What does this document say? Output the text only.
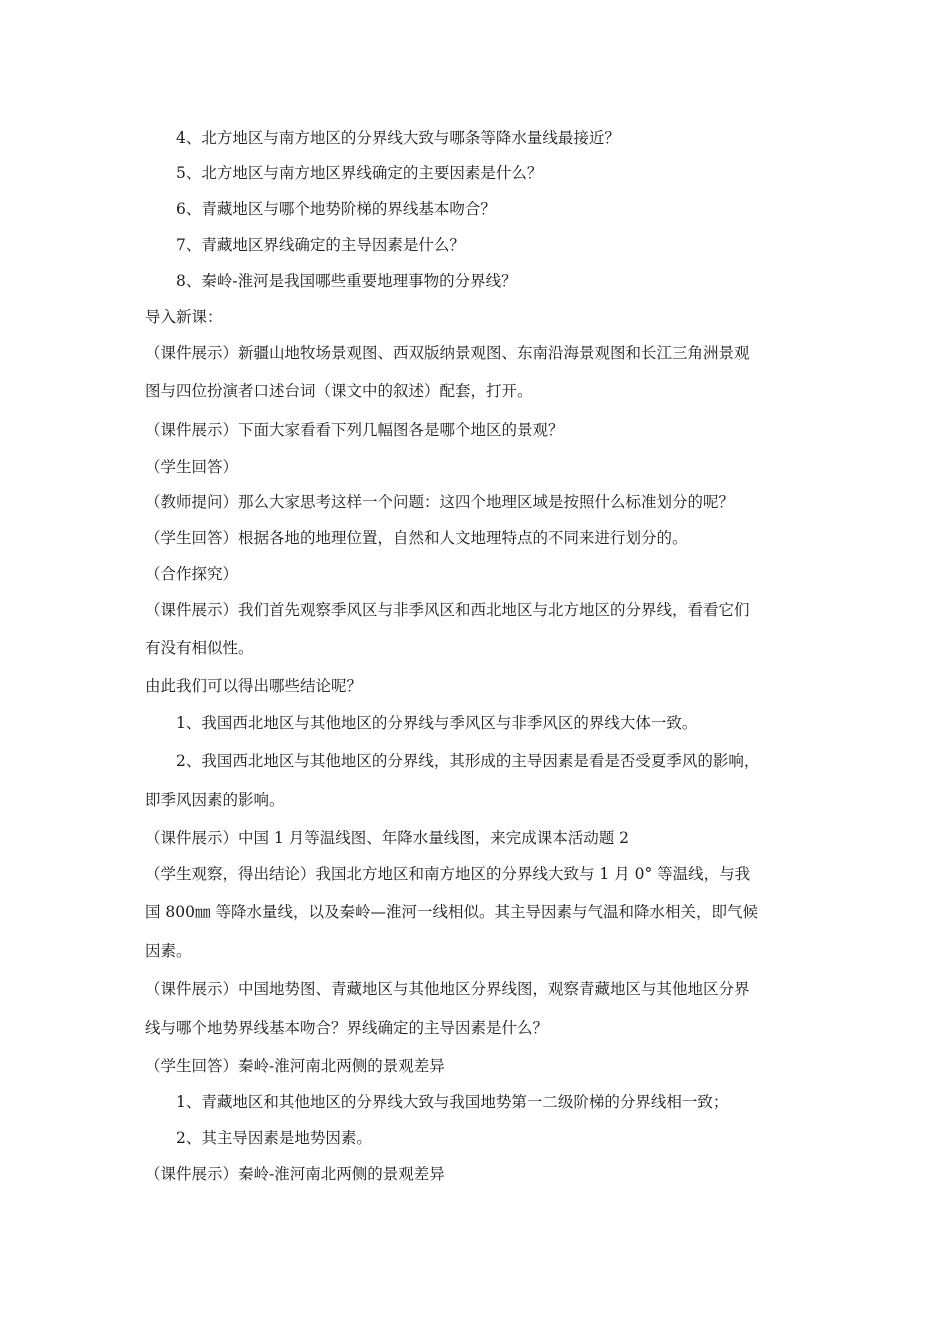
4、北方地区与南方地区的分界线大致与哪条等降水量线最接近？
5、北方地区与南方地区界线确定的主要因素是什么？
6、青藏地区与哪个地势阶梯的界线基本吻合？
7、青藏地区界线确定的主导因素是什么？
8、秦岭-淮河是我国哪些重要地理事物的分界线？
导入新课：
（课件展示）新疆山地牧场景观图、西双版纳景观图、东南沿海景观图和长江三角洲景观
图与四位扮演者口述台词（课文中的叙述）配套，打开。
（课件展示）下面大家看看下列几幅图各是哪个地区的景观？
（学生回答）
（教师提问）那么大家思考这样一个问题：这四个地理区域是按照什么标准划分的呢？
（学生回答）根据各地的地理位置，自然和人文地理特点的不同来进行划分的。
（合作探究）
（课件展示）我们首先观察季风区与非季风区和西北地区与北方地区的分界线，看看它们
有没有相似性。
由此我们可以得出哪些结论呢？
1、我国西北地区与其他地区的分界线与季风区与非季风区的界线大体一致。
2、我国西北地区与其他地区的分界线，其形成的主导因素是看是否受夏季风的影响，
即季风因素的影响。
（课件展示）中国 1 月等温线图、年降水量线图，来完成课本活动题 2
（学生观察，得出结论）我国北方地区和南方地区的分界线大致与 1 月 0° 等温线，与我
国 800㎜ 等降水量线，以及秦岭—淮河一线相似。其主导因素与气温和降水相关，即气候
因素。
（课件展示）中国地势图、青藏地区与其他地区分界线图，观察青藏地区与其他地区分界
线与哪个地势界线基本吻合？界线确定的主导因素是什么？
（学生回答）秦岭-淮河南北两侧的景观差异
1、青藏地区和其他地区的分界线大致与我国地势第一二级阶梯的分界线相一致；
2、其主导因素是地势因素。
（课件展示）秦岭-淮河南北两侧的景观差异
